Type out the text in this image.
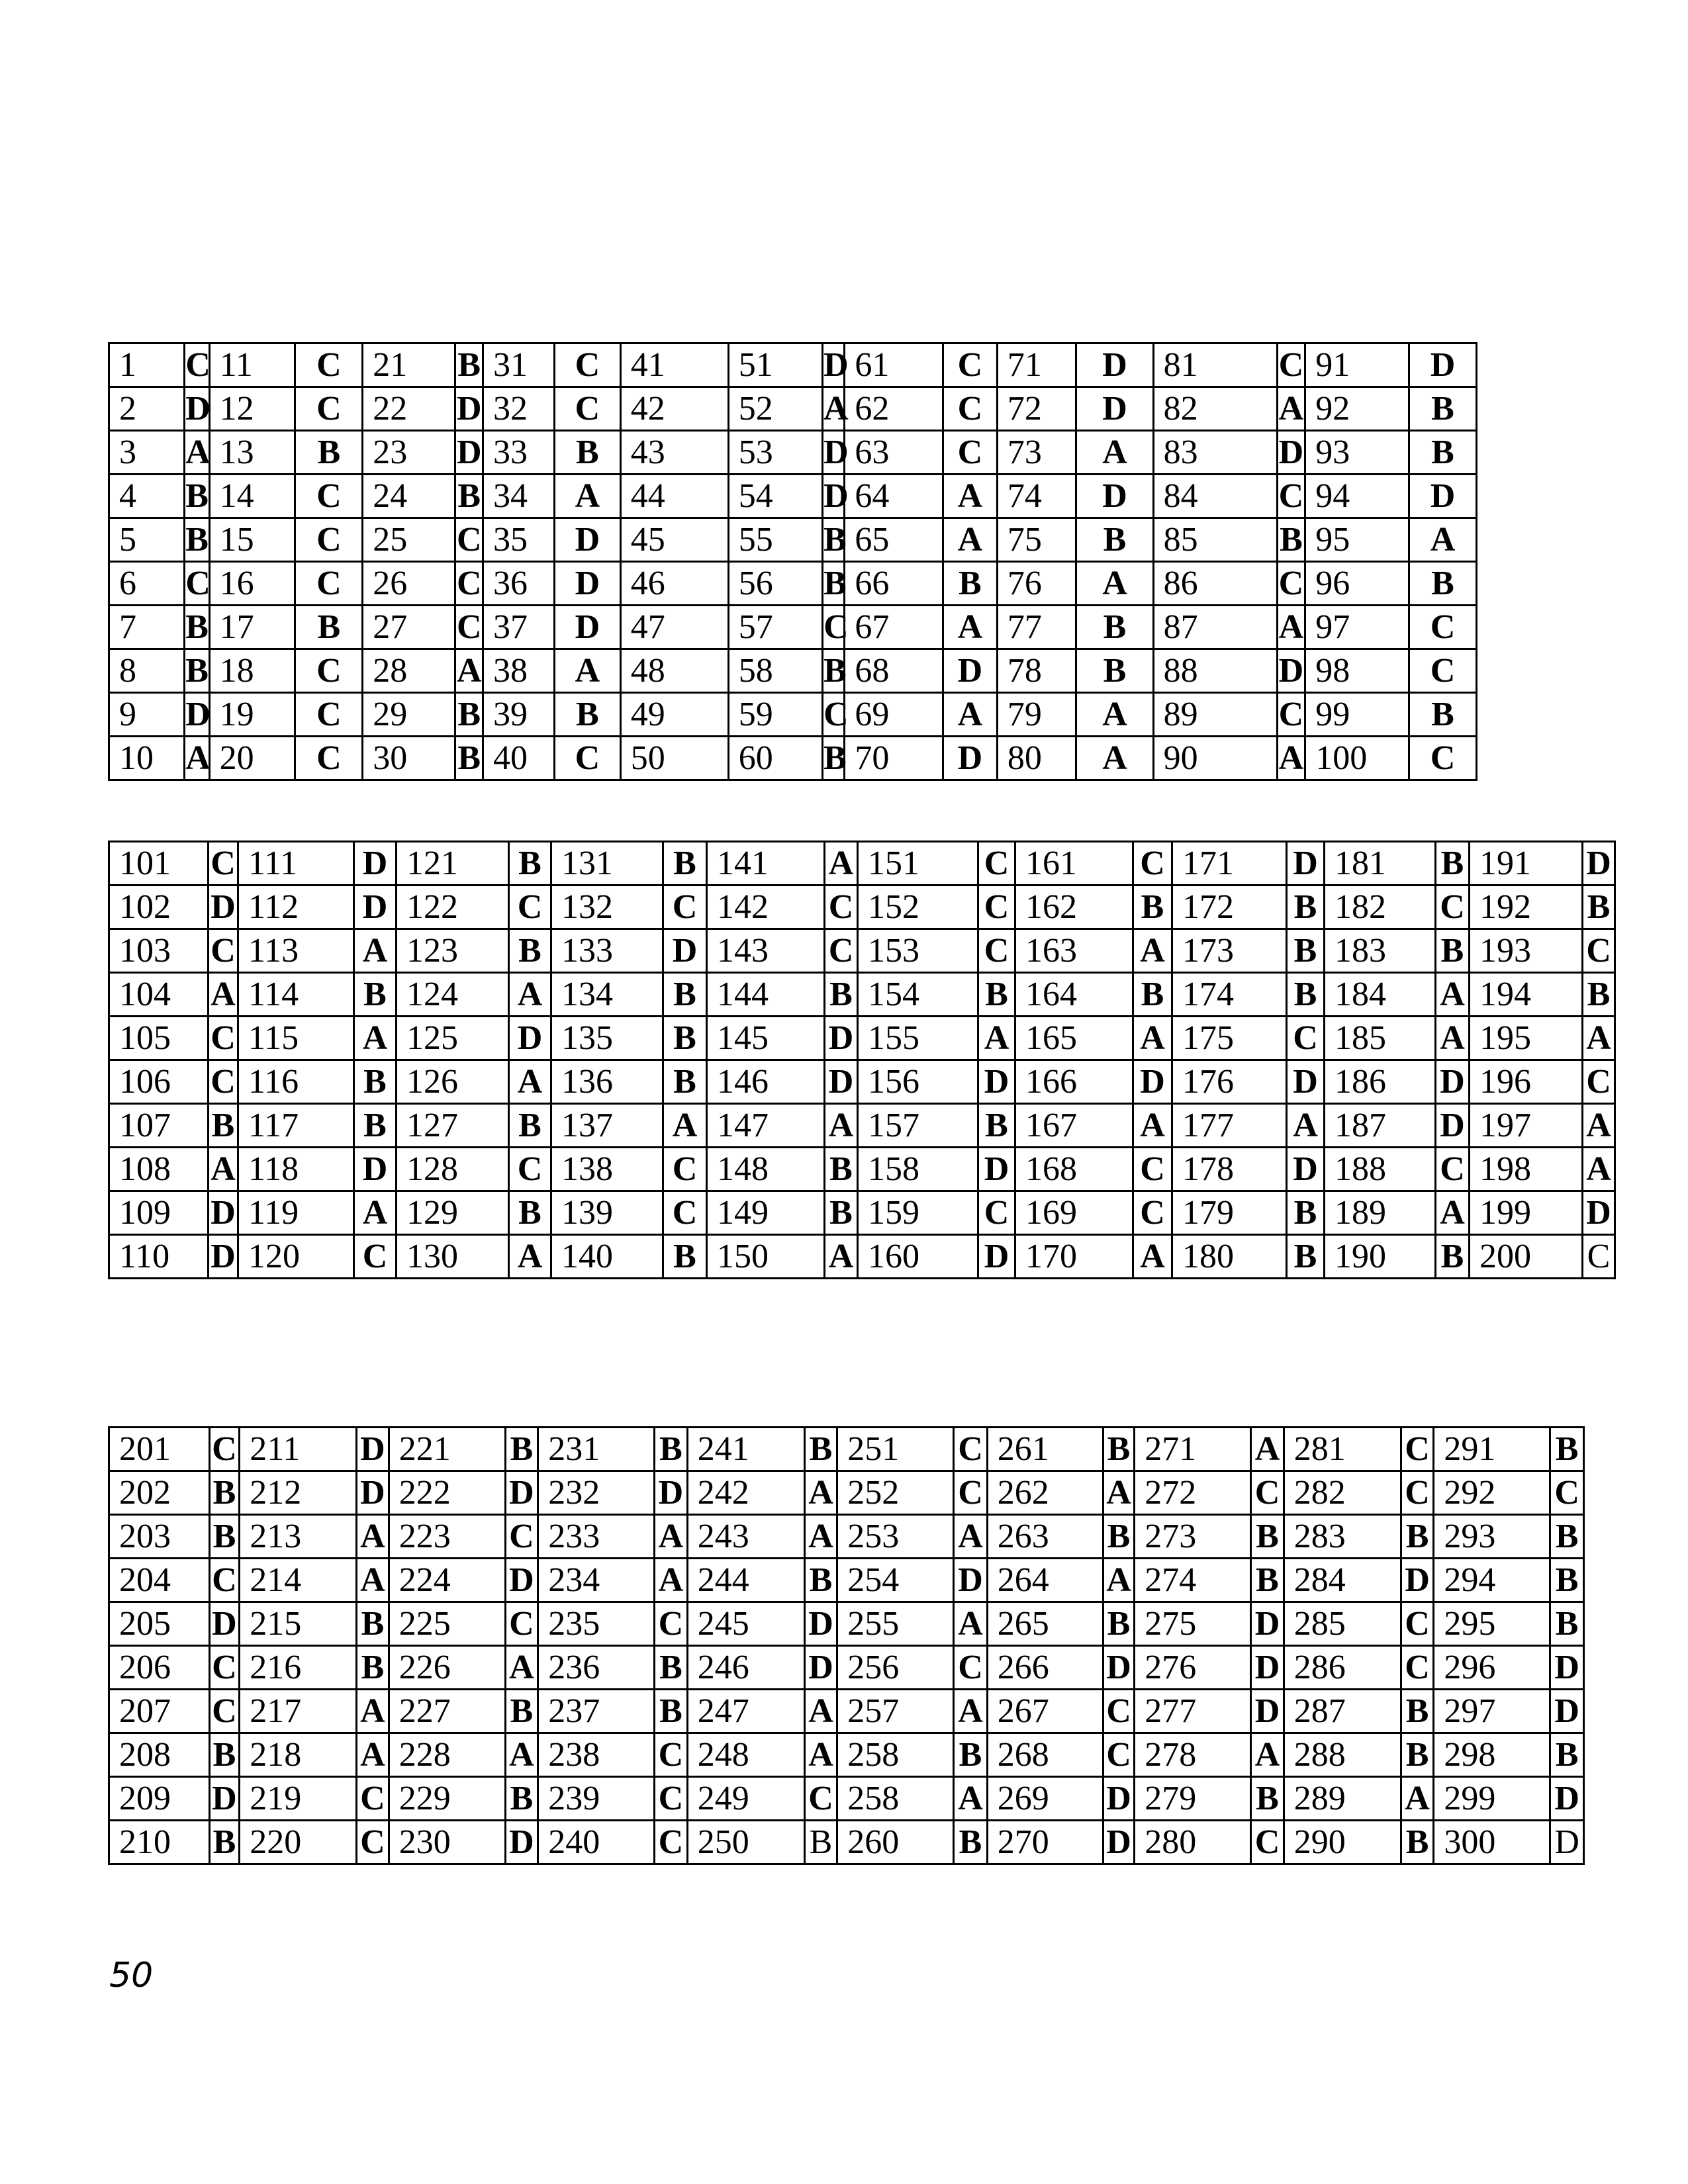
1	C	11	C	21	B	31	C	41		51	D	61	C	71	D	81	C	91	D
2	D	12	C	22	D	32	C	42		52	A	62	C	72	D	82	A	92	B
3	A	13	B	23	D	33	B	43		53	D	63	C	73	A	83	D	93	B
4	B	14	C	24	B	34	A	44		54	D	64	A	74	D	84	C	94	D
5	B	15	C	25	C	35	D	45		55	B	65	A	75	B	85	B	95	A
6	C	16	C	26	C	36	D	46		56	B	66	B	76	A	86	C	96	B
7	B	17	B	27	C	37	D	47		57	C	67	A	77	B	87	A	97	C
8	B	18	C	28	A	38	A	48		58	B	68	D	78	B	88	D	98	C
9	D	19	C	29	B	39	B	49		59	C	69	A	79	A	89	C	99	B
10	A	20	C	30	B	40	C	50		60	B	70	D	80	A	90	A	100	C
101	C	111	D	121	B	131	B	141	A	151	C	161	C	171	D	181	B	191	D
102	D	112	D	122	C	132	C	142	C	152	C	162	B	172	B	182	C	192	B
103	C	113	A	123	B	133	D	143	C	153	C	163	A	173	B	183	B	193	C
104	A	114	B	124	A	134	B	144	B	154	B	164	B	174	B	184	A	194	B
105	C	115	A	125	D	135	B	145	D	155	A	165	A	175	C	185	A	195	A
106	C	116	B	126	A	136	B	146	D	156	D	166	D	176	D	186	D	196	C
107	B	117	B	127	B	137	A	147	A	157	B	167	A	177	A	187	D	197	A
108	A	118	D	128	C	138	C	148	B	158	D	168	C	178	D	188	C	198	A
109	D	119	A	129	B	139	C	149	B	159	C	169	C	179	B	189	A	199	D
110	D	120	C	130	A	140	B	150	A	160	D	170	A	180	B	190	B	200	C
201	C	211	D	221	B	231	B	241	B	251	C	261	B	271	A	281	C	291	B
202	B	212	D	222	D	232	D	242	A	252	C	262	A	272	C	282	C	292	C
203	B	213	A	223	C	233	A	243	A	253	A	263	B	273	B	283	B	293	B
204	C	214	A	224	D	234	A	244	B	254	D	264	A	274	B	284	D	294	B
205	D	215	B	225	C	235	C	245	D	255	A	265	B	275	D	285	C	295	B
206	C	216	B	226	A	236	B	246	D	256	C	266	D	276	D	286	C	296	D
207	C	217	A	227	B	237	B	247	A	257	A	267	C	277	D	287	B	297	D
208	B	218	A	228	A	238	C	248	A	258	B	268	C	278	A	288	B	298	B
209	D	219	C	229	B	239	C	249	C	258	A	269	D	279	B	289	A	299	D
210	B	220	C	230	D	240	C	250	B	260	B	270	D	280	C	290	B	300	D
50
